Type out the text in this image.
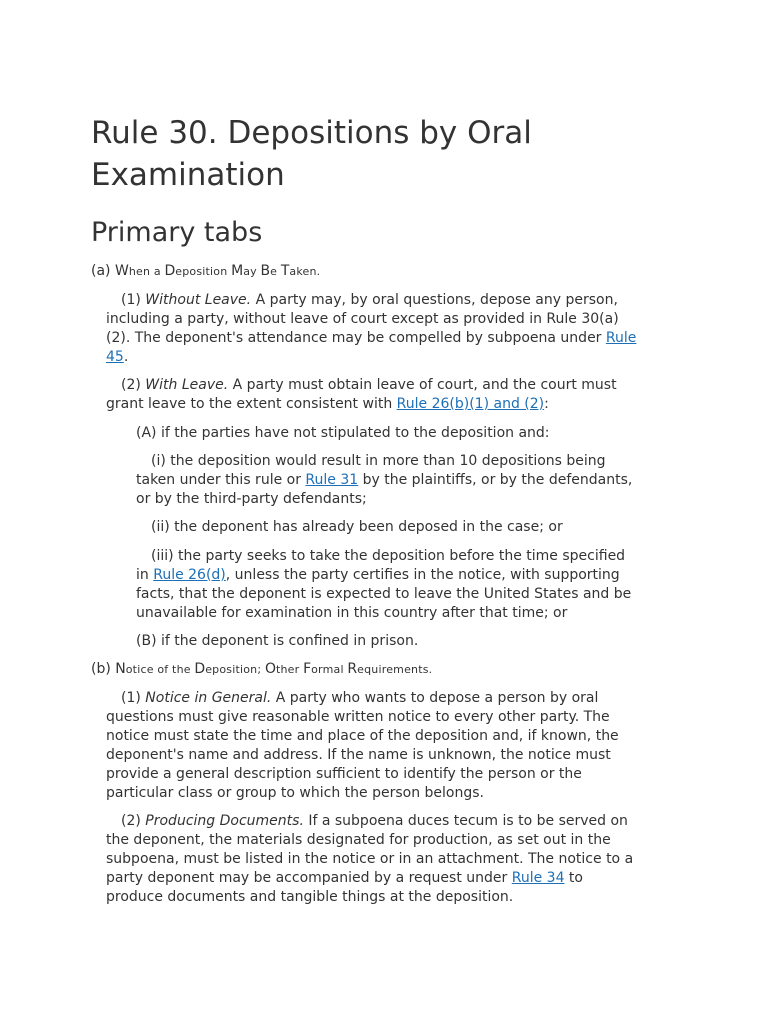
Rule 30. Depositions by Oral Examination
Primary tabs

(a) When a Deposition May Be Taken.

(1) Without Leave. A party may, by oral questions, depose any person,

including a party, without leave of court except as provided in Rule 30(a)

(2). The deponent's attendance may be compelled by subpoena under Rule

45.

(2) With Leave. A party must obtain leave of court, and the court must

grant leave to the extent consistent with Rule 26(b)(1) and (2):

(A) if the parties have not stipulated to the deposition and:

(i) the deposition would result in more than 10 depositions being

taken under this rule or Rule 31 by the plaintiffs, or by the defendants,

or by the third-party defendants;

(ii) the deponent has already been deposed in the case; or

(iii) the party seeks to take the deposition before the time specified

in Rule 26(d), unless the party certifies in the notice, with supporting

facts, that the deponent is expected to leave the United States and be

unavailable for examination in this country after that time; or

(B) if the deponent is confined in prison.

(b) Notice of the Deposition; Other Formal Requirements.

(1) Notice in General. A party who wants to depose a person by oral

questions must give reasonable written notice to every other party. The

notice must state the time and place of the deposition and, if known, the

deponent's name and address. If the name is unknown, the notice must

provide a general description sufficient to identify the person or the

particular class or group to which the person belongs.

(2) Producing Documents. If a subpoena duces tecum is to be served on

the deponent, the materials designated for production, as set out in the

subpoena, must be listed in the notice or in an attachment. The notice to a

party deponent may be accompanied by a request under Rule 34 to

produce documents and tangible things at the deposition.
